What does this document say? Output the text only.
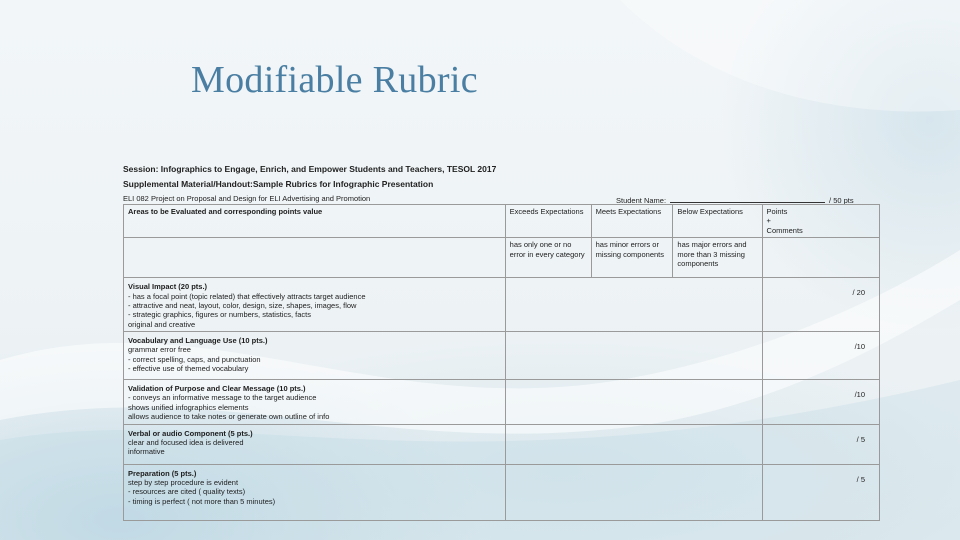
Modifiable Rubric
Session: Infographics to Engage, Enrich, and Empower Students and Teachers, TESOL 2017
Supplemental Material/Handout:Sample Rubrics for Infographic Presentation
ELI 082 Project on Proposal and Design for ELI Advertising and Promotion	Student Name:	/ 50 pts
Areas to be Evaluated and corresponding points value	Exceeds Expectations	Meets Expectations	Below Expectations	Points
+
Comments
	has only one or no error in every category	has minor errors or missing components	has major errors and more than 3 missing components	

Visual Impact (20 pts.)
- has a focal point (topic related) that effectively attracts target audience
- attractive and neat, layout, color, design, size, shapes, images, flow
- strategic graphics, figures or numbers, statistics, facts
original and creative				/ 20

Vocabulary and Language Use (10 pts.)
grammar error free
- correct spelling, caps, and punctuation
- effective use of themed vocabulary				/10

Validation of Purpose and Clear Message (10 pts.)
- conveys an informative message to the target audience
shows unified infographics elements
allows audience to take notes or generate own outline of info				/10

Verbal or audio Component (5 pts.)
clear and focused idea is delivered
informative				/ 5

Preparation (5 pts.)
step by step procedure is evident
- resources are cited ( quality texts)
- timing is perfect ( not more than 5 minutes)				/ 5
